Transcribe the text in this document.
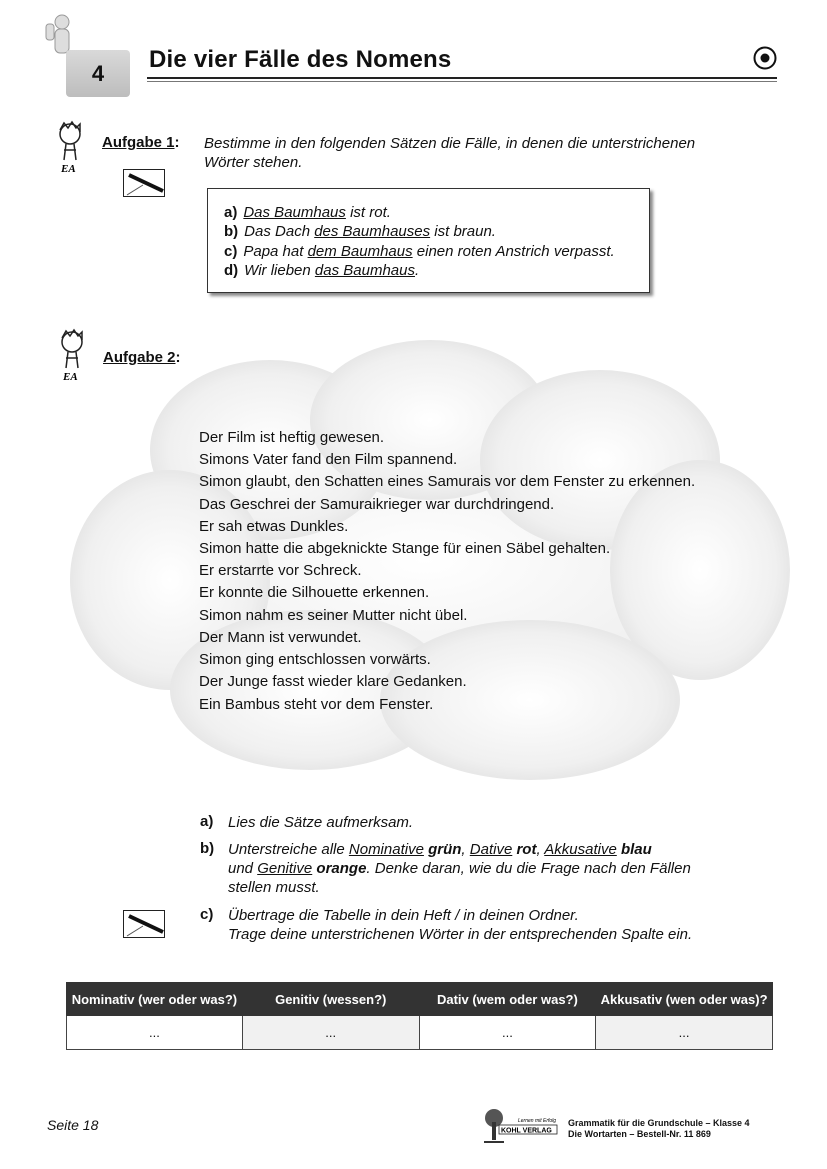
4 Die vier Fälle des Nomens
EA
Aufgabe 1: Bestimme in den folgenden Sätzen die Fälle, in denen die unterstrichenen
Wörter stehen.
a) Das Baumhaus ist rot.
b) Das Dach des Baumhauses ist braun.
c) Papa hat dem Baumhaus einen roten Anstrich verpasst.
d) Wir lieben das Baumhaus.
EA
Aufgabe 2:
Der Film ist heftig gewesen.
Simons Vater fand den Film spannend.
Simon glaubt, den Schatten eines Samurais vor dem Fenster zu erkennen.
Das Geschrei der Samuraikrieger war durchdringend.
Er sah etwas Dunkles.
Simon hatte die abgeknickte Stange für einen Säbel gehalten.
Er erstarrte vor Schreck.
Er konnte die Silhouette erkennen.
Simon nahm es seiner Mutter nicht übel.
Der Mann ist verwundet.
Simon ging entschlossen vorwärts.
Der Junge fasst wieder klare Gedanken.
Ein Bambus steht vor dem Fenster.
a) Lies die Sätze aufmerksam.
b) Unterstreiche alle Nominative grün, Dative rot, Akkusative blau
und Genitive orange. Denke daran, wie du die Frage nach den Fällen
stellen musst.
c) Übertrage die Tabelle in dein Heft / in deinen Ordner.
Trage deine unterstrichenen Wörter in der entsprechenden Spalte ein.
Nominativ (wer oder was?)	Genitiv (wessen?)	Dativ (wem oder was?)	Akkusativ (wen oder was)?
...	...	...	...
Seite 18	Lernen mit Erfolg
KOHL VERLAG
Grammatik für die Grundschule – Klasse 4
Die Wortarten – Bestell-Nr. 11 869
